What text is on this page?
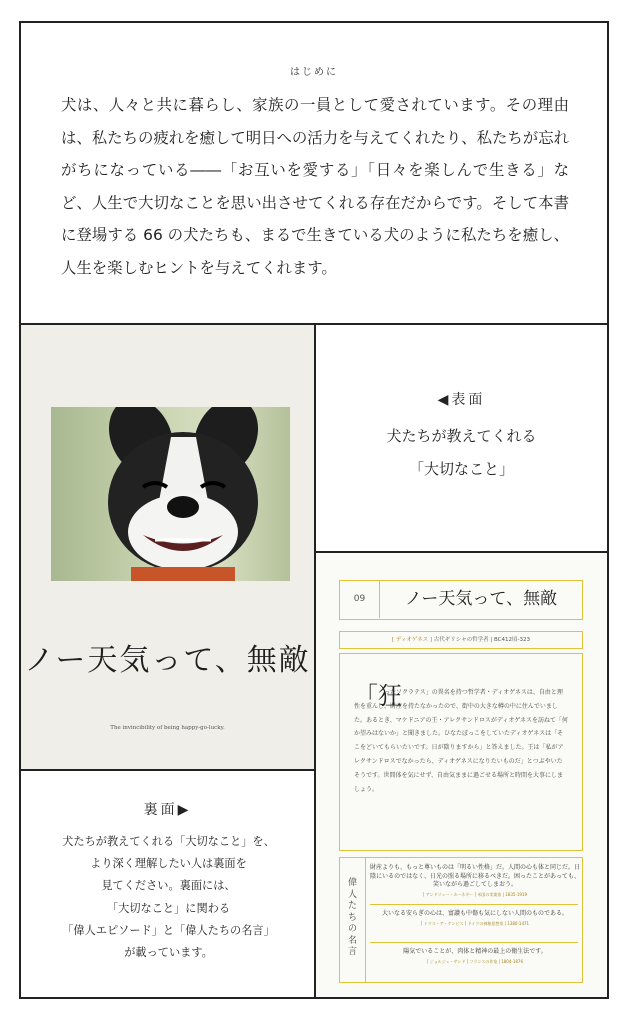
はじめに

犬は、人々と共に暮らし、家族の一員として愛されています。その理由は、私たちの疲れを癒して明日への活力を与えてくれたり、私たちが忘れがちになっている――「お互いを愛する」「日々を楽しんで生きる」など、人生で大切なことを思い出させてくれる存在だからです。そして本書に登場する 66 の犬たちも、まるで生きている犬のように私たちを癒し、人生を楽しむヒントを与えてくれます。

ノー天気って、無敵
The invincibility of being happy-go-lucky.
◀表面
犬たちが教えてくれる
「大切なこと」
裏面▶
犬たちが教えてくれる「大切なこと」を、
より深く理解したい人は裏面を
見てください。裏面には、
「大切なこと」に関わる
「偉人エピソード」と「偉人たちの名言」
が載っています。
09	ノー天気って、無敵
[ ディオゲネス ] 古代ギリシャの哲学者 | BC412頃-323
「狂

ったソクラテス」の異名を持つ哲学者・ディオゲネスは、自由と理性を重んじ、財産を持たなかったので、街中の大きな樽の中に住んでいました。あるとき、マケドニアの王・アレクサンドロスがディオゲネスを訪ねて「何か望みはないか」と聞きました。ひなたぼっこをしていたディオゲネスは「そこをどいてもらいたいです。日が陰りますから」と答えました。王は「私がアレクサンドロスでなかったら、ディオゲネスになりたいものだ」とつぶやいたそうです。世間体を気にせず、自由気ままに過ごせる場所と時間を大事にしましょう。

偉人たちの名言
財産よりも、もっと尊いものは「明るい性格」だ。人間の心も体と同じだ。日陰にいるのではなく、日光の照る場所に移るべきだ。困ったことがあっても、笑いながら過ごしてしまおう。
[ アンドリュー・カーネギー ] 米国の実業家 | 1835-1919
大いなる安らぎの心は、富讃も中傷も気にしない人間のものである。
[ トマス・ア・ケンピス ] ドイツの神秘思想家 | 1380-1471
陽気でいることが、肉体と精神の最上の衛生法です。
[ ジョルジュ・サンド ] フランスの作家 | 1804-1876
